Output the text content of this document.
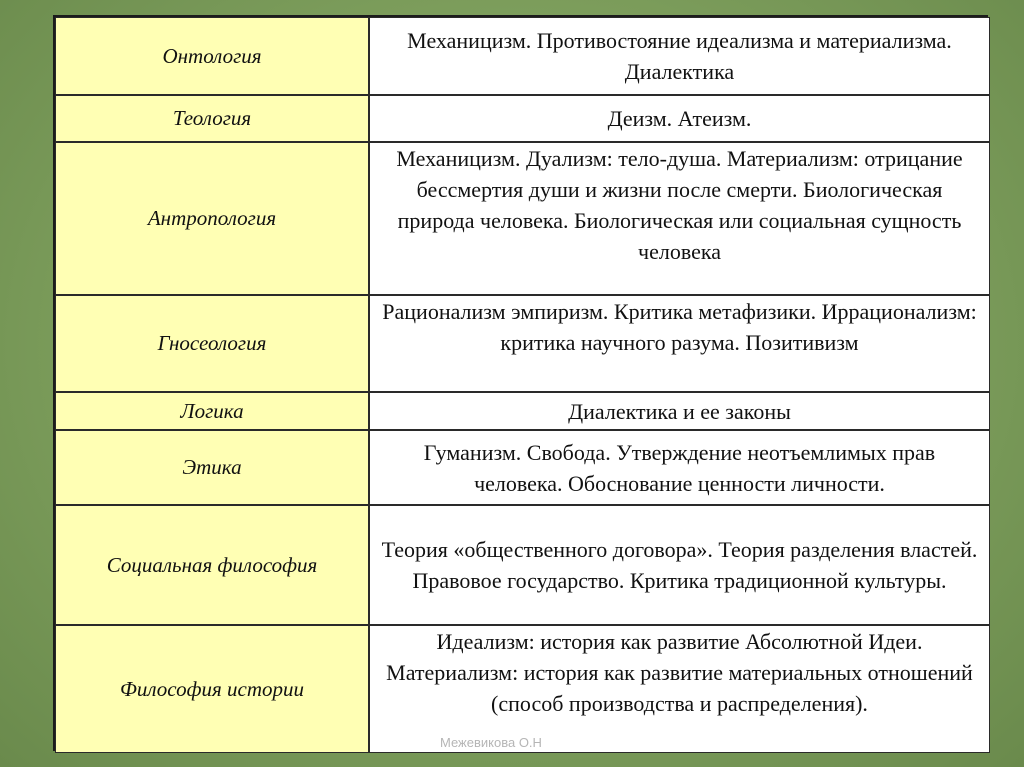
Онтология
Механицизм. Противостояние идеализма и материализма. Диалектика
Теология	Деизм. Атеизм.
Антропология
Механицизм. Дуализм: тело-душа. Материализм: отрицание бессмертия души и жизни после смерти. Биологическая природа человека. Биологическая или социальная сущность человека
Гносеология
Рационализм эмпиризм. Критика метафизики. Иррационализм: критика научного разума. Позитивизм
Логика	Диалектика и ее законы
Этика
Гуманизм. Свобода. Утверждение неотъемлимых прав человека. Обоснование ценности личности.
Социальная философия
Теория «общественного договора». Теория разделения властей. Правовое государство. Критика традиционной культуры.
Философия истории
Идеализм: история как развитие Абсолютной Идеи. Материализм: история как развитие материальных отношений (способ производства и распределения).
Межевикова О.Н
